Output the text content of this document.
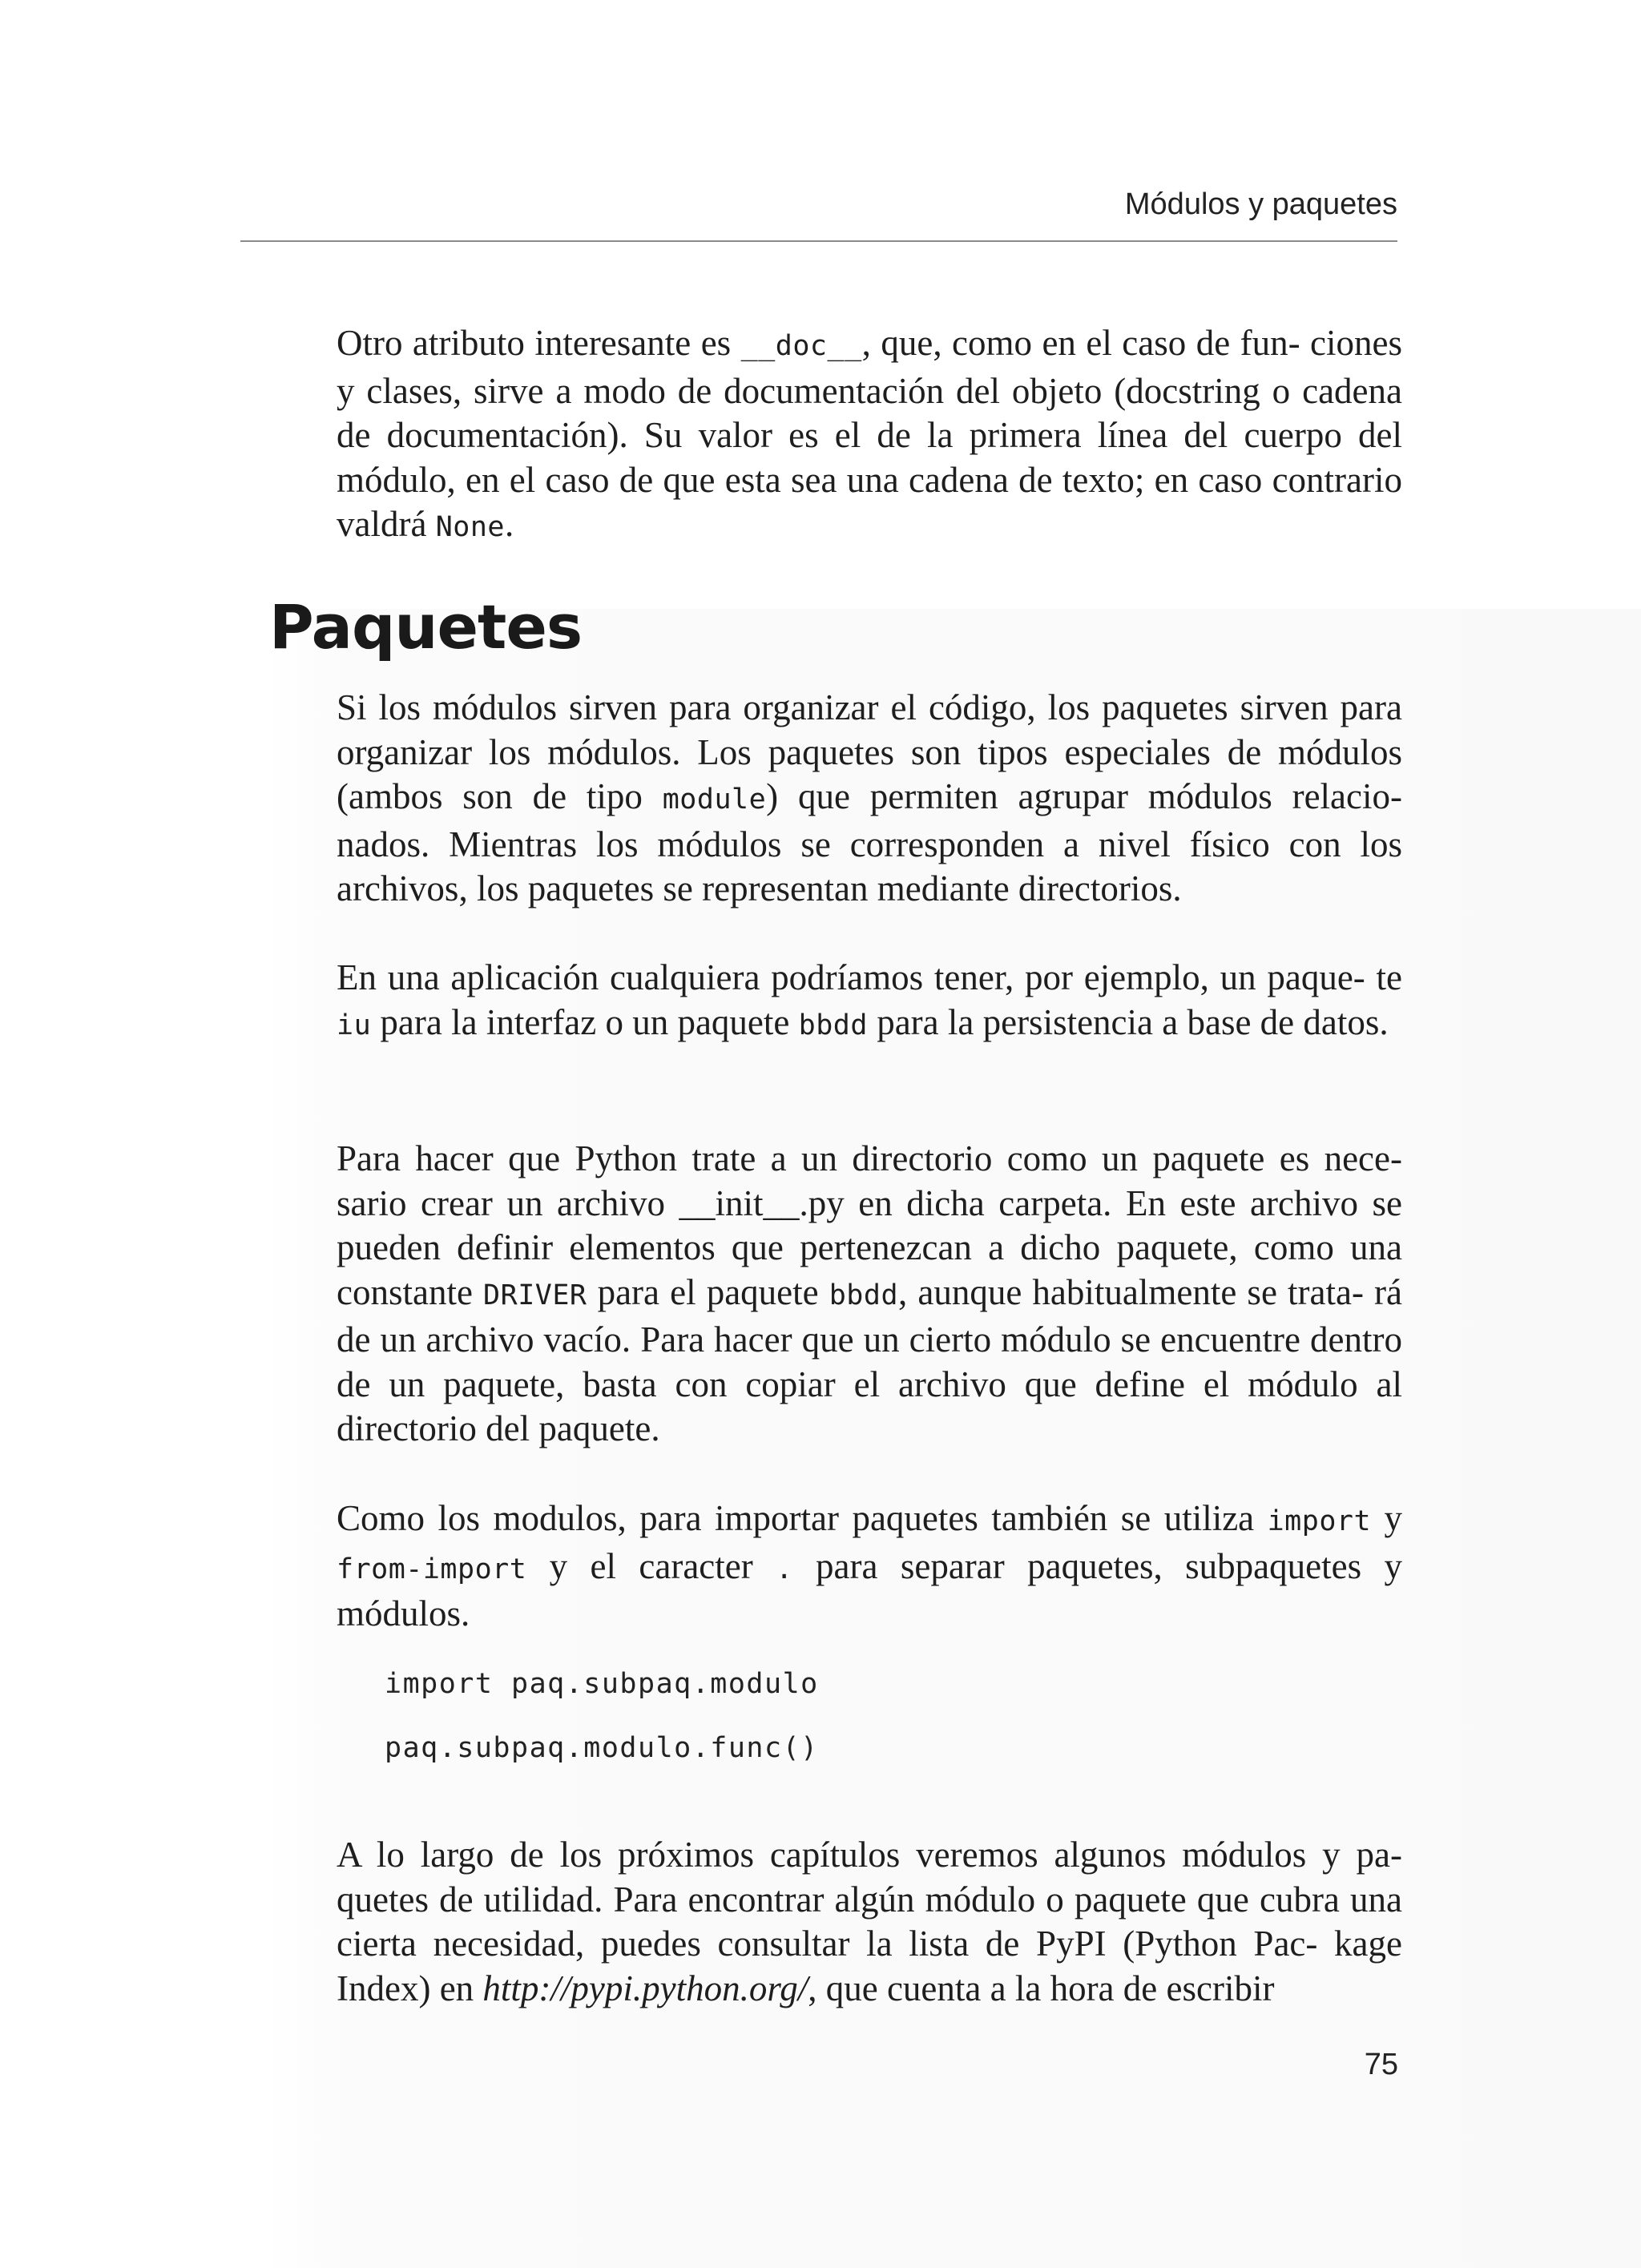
Módulos y paquetes

Otro atributo interesante es __doc__, que, como en el caso de fun- ciones y clases, sirve a modo de documentación del objeto (docstring o cadena de documentación). Su valor es el de la primera línea del cuerpo del módulo, en el caso de que esta sea una cadena de texto; en caso contrario valdrá None.

Paquetes

Si los módulos sirven para organizar el código, los paquetes sirven para organizar los módulos. Los paquetes son tipos especiales de módulos (ambos son de tipo module) que permiten agrupar módulos relacio- nados. Mientras los módulos se corresponden a nivel físico con los archivos, los paquetes se representan mediante directorios.

En una aplicación cualquiera podríamos tener, por ejemplo, un paque- te iu para la interfaz o un paquete bbdd para la persistencia a base de datos.

Para hacer que Python trate a un directorio como un paquete es nece- sario crear un archivo __init__.py en dicha carpeta. En este archivo se pueden definir elementos que pertenezcan a dicho paquete, como una constante DRIVER para el paquete bbdd, aunque habitualmente se trata- rá de un archivo vacío. Para hacer que un cierto módulo se encuentre dentro de un paquete, basta con copiar el archivo que define el módulo al directorio del paquete.

Como los modulos, para importar paquetes también se utiliza import y from-import y el caracter . para separar paquetes, subpaquetes y módulos.

import paq.subpaq.modulo
paq.subpaq.modulo.func()

A lo largo de los próximos capítulos veremos algunos módulos y pa- quetes de utilidad. Para encontrar algún módulo o paquete que cubra una cierta necesidad, puedes consultar la lista de PyPI (Python Pac- kage Index) en http://pypi.python.org/, que cuenta a la hora de escribir

75
